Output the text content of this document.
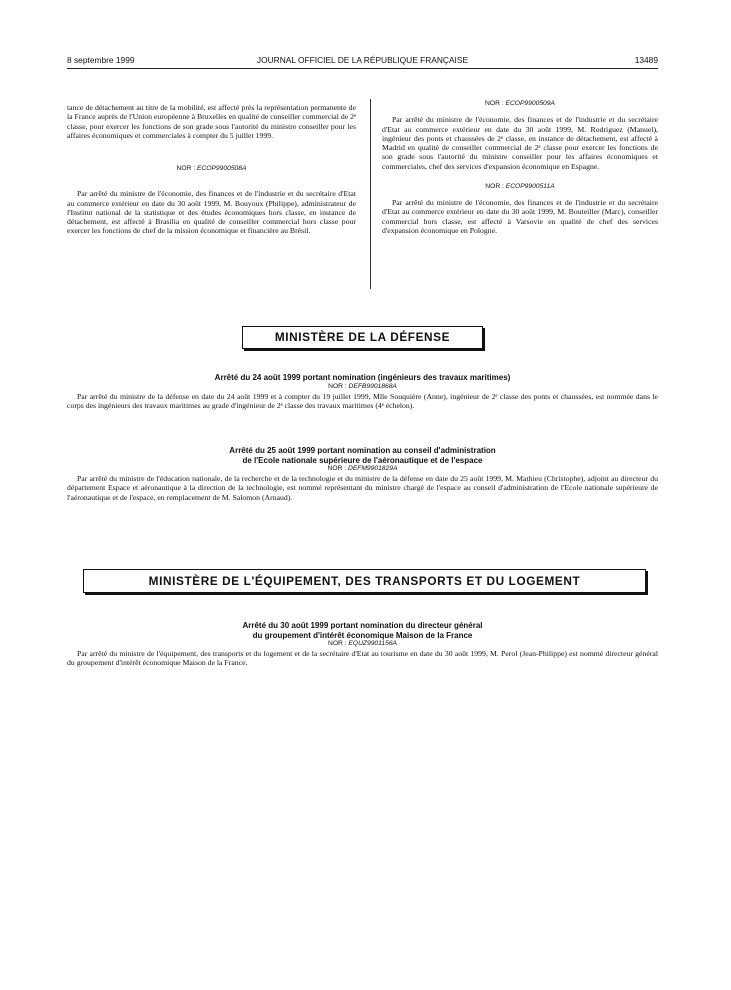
8 septembre 1999	JOURNAL OFFICIEL DE LA RÉPUBLIQUE FRANÇAISE	13489

tance de détachement au titre de la mobilité, est affecté près la représentation permanente de la France auprès de l'Union européenne à Bruxelles en qualité de conseiller commercial de 2ᵉ classe, pour exercer les fonctions de son grade sous l'autorité du ministre conseiller pour les affaires économiques et commerciales à compter du 5 juillet 1999.

NOR : ECOP9900508A

Par arrêté du ministre de l'économie, des finances et de l'industrie et du secrétaire d'Etat au commerce extérieur en date du 30 août 1999, M. Bouyoux (Philippe), administrateur de l'Institut national de la statistique et des études économiques hors classe, en instance de détachement, est affecté à Brasilia en qualité de conseiller commercial hors classe pour exercer les fonctions de chef de la mission économique et financière au Brésil.

NOR : ECOP9900509A

Par arrêté du ministre de l'économie, des finances et de l'industrie et du secrétaire d'Etat au commerce extérieur en date du 30 août 1999, M. Rodriguez (Manuel), ingénieur des ponts et chaussées de 2ᵉ classe, en instance de détachement, est affecté à Madrid en qualité de conseiller commercial de 2ᵉ classe pour exercer les fonctions de son grade sous l'autorité du ministre conseiller pour les affaires économiques et commerciales, chef des services d'expansion économique en Espagne.

NOR : ECOP9900511A

Par arrêté du ministre de l'économie, des finances et de l'industrie et du secrétaire d'Etat au commerce extérieur en date du 30 août 1999, M. Bouteiller (Marc), conseiller commercial hors classe, est affecté à Varsovie en qualité de chef des services d'expansion économique en Pologne.

MINISTÈRE DE LA DÉFENSE

Arrêté du 24 août 1999 portant nomination (ingénieurs des travaux maritimes)

NOR : DEFB9901868A

Par arrêté du ministre de la défense en date du 24 août 1999 et à compter du 19 juillet 1999, Mlle Souquière (Anne), ingénieur de 2ᵉ classe des ponts et chaussées, est nommée dans le corps des ingénieurs des travaux maritimes au grade d'ingénieur de 2ᵉ classe des travaux maritimes (4ᵉ échelon).

Arrêté du 25 août 1999 portant nomination au conseil d'administration

de l'Ecole nationale supérieure de l'aéronautique et de l'espace

NOR : DEFM9901829A

Par arrêté du ministre de l'éducation nationale, de la recherche et de la technologie et du ministre de la défense en date du 25 août 1999, M. Mathieu (Christophe), adjoint au directeur du département Espace et aéronautique à la direction de la technologie, est nommé représentant du ministre chargé de l'espace au conseil d'administration de l'Ecole nationale supérieure de l'aéronautique et de l'espace, en remplacement de M. Salomon (Arnaud).

MINISTÈRE DE L'ÉQUIPEMENT, DES TRANSPORTS ET DU LOGEMENT

Arrêté du 30 août 1999 portant nomination du directeur général

du groupement d'intérêt économique Maison de la France

NOR : EQUZ9901156A

Par arrêté du ministre de l'équipement, des transports et du logement et de la secrétaire d'Etat au tourisme en date du 30 août 1999, M. Perol (Jean-Philippe) est nommé directeur général du groupement d'intérêt économique Maison de la France.
